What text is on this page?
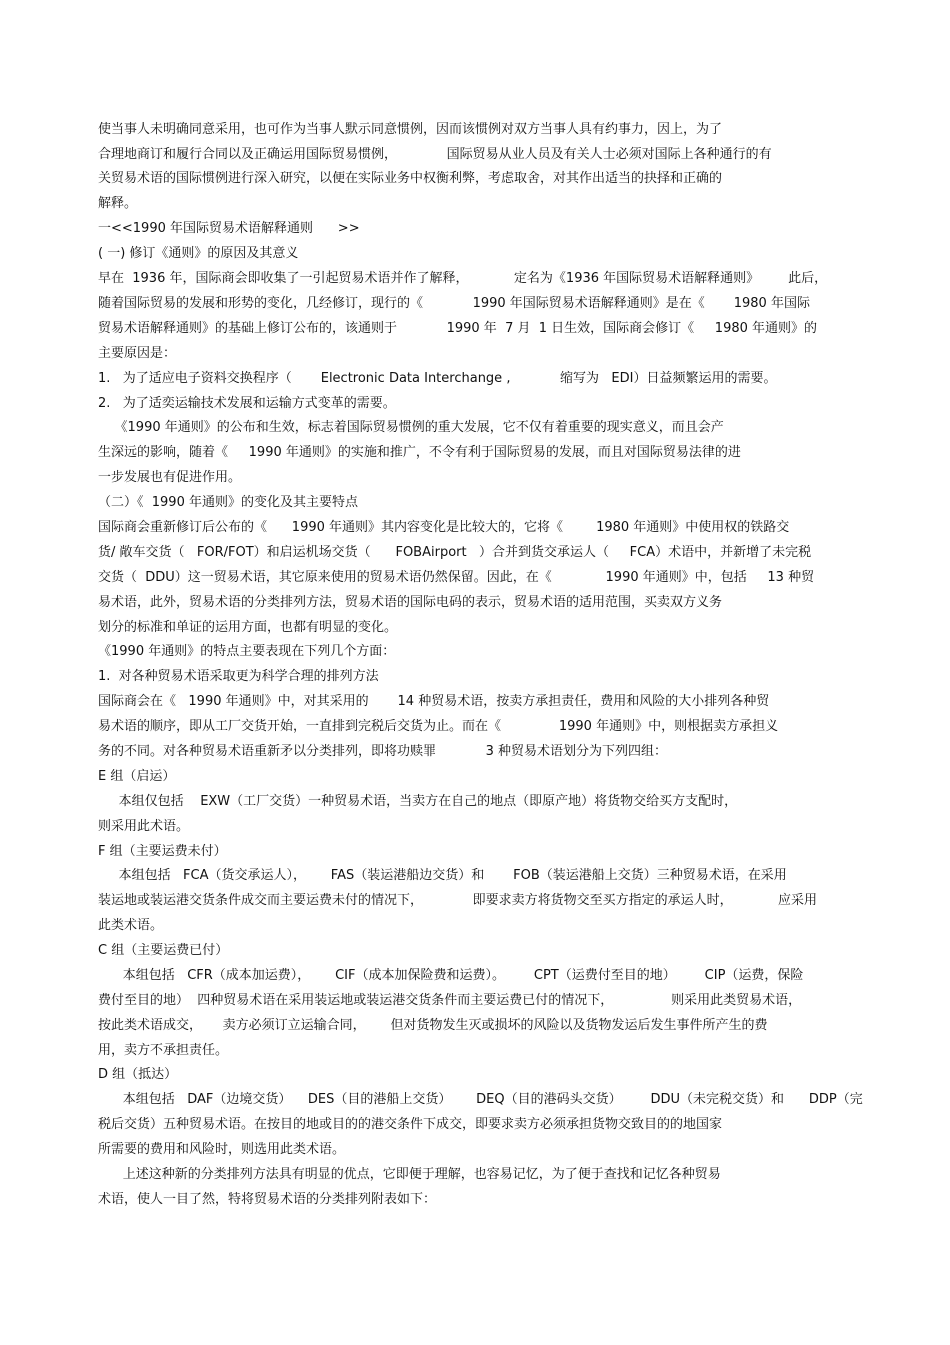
使当事人未明确同意采用，也可作为当事人默示同意惯例，因而该惯例对双方当事人具有约事力，因上，为了
合理地商订和履行合同以及正确运用国际贸易惯例，            国际贸易从业人员及有关人士必须对国际上各种通行的有
关贸易术语的国际惯例进行深入研究，以便在实际业务中权衡利弊，考虑取舍，对其作出适当的抉择和正确的
解释。
一<<1990 年国际贸易术语解释通则      >>
( 一) 修订《通则》的原因及其意义
早在  1936 年，国际商会即收集了一引起贸易术语并作了解释，           定名为《1936 年国际贸易术语解释通则》       此后，
随着国际贸易的发展和形势的变化，几经修订，现行的《            1990 年国际贸易术语解释通则》是在《       1980 年国际
贸易术语解释通则》的基础上修订公布的，该通则于            1990 年  7 月  1 日生效，国际商会修订《     1980 年通则》的
主要原因是：
1.   为了适应电子资料交换程序（       Electronic Data Interchange ,            缩写为   EDI）日益频繁运用的需要。
2.   为了适奕运输技术发展和运输方式变革的需要。
《1990 年通则》的公布和生效，标志着国际贸易惯例的重大发展，它不仅有着重要的现实意义，而且会产
生深远的影响，随着《     1990 年通则》的实施和推广，不令有利于国际贸易的发展，而且对国际贸易法律的进
一步发展也有促进作用。
（二）《  1990 年通则》的变化及其主要特点
国际商会重新修订后公布的《      1990 年通则》其内容变化是比较大的，它将《        1980 年通则》中使用权的铁路交
货/ 敞车交货（   FOR/FOT）和启运机场交货（      FOBAirport   ）合并到货交承运人（     FCA）术语中，并新增了未完税
交货（  DDU）这一贸易术语，其它原来使用的贸易术语仍然保留。因此，在《             1990 年通则》中，包括     13 种贸
易术语，此外，贸易术语的分类排列方法，贸易术语的国际电码的表示，贸易术语的适用范围，买卖双方义务
划分的标准和单证的运用方面，也都有明显的变化。
《1990 年通则》的特点主要表现在下列几个方面：
1.  对各种贸易术语采取更为科学合理的排列方法
国际商会在《   1990 年通则》中，对其采用的       14 种贸易术语，按卖方承担责任，费用和风险的大小排列各种贸
易术语的顺序，即从工厂交货开始，一直排到完税后交货为止。而在《              1990 年通则》中，则根据卖方承担义
务的不同。对各种贸易术语重新矛以分类排列，即将功赎罪            3 种贸易术语划分为下列四组：
E 组（启运）
本组仅包括    EXW（工厂交货）一种贸易术语，当卖方在自己的地点（即原产地）将货物交给买方支配时，
则采用此术语。
F 组（主要运费未付）
本组包括   FCA（货交承运人），      FAS（装运港船边交货）和       FOB（装运港船上交货）三种贸易术语，在采用
装运地或装运港交货条件成交而主要运费未付的情况下，            即要求卖方将货物交至买方指定的承运人时，           应采用
此类术语。
C 组（主要运费已付）
本组包括   CFR（成本加运费），      CIF（成本加保险费和运费）。       CPT（运费付至目的地）       CIP（运费，保险
费付至目的地）  四种贸易术语在采用装运地或装运港交货条件而主要运费已付的情况下，              则采用此类贸易术语，
按此类术语成交，     卖方必须订立运输合同，      但对货物发生灭或损坏的风险以及货物发运后发生事件所产生的费
用，卖方不承担责任。
D 组（抵达）
本组包括   DAF（边境交货）    DES（目的港船上交货）      DEQ（目的港码头交货）       DDU（未完税交货）和      DDP（完
税后交货）五种贸易术语。在按目的地或目的的港交条件下成交，即要求卖方必须承担货物交致目的的地国家
所需要的费用和风险时，则选用此类术语。
上述这种新的分类排列方法具有明显的优点，它即便于理解，也容易记忆，为了便于查找和记忆各种贸易
术语，使人一目了然，特将贸易术语的分类排列附表如下：
